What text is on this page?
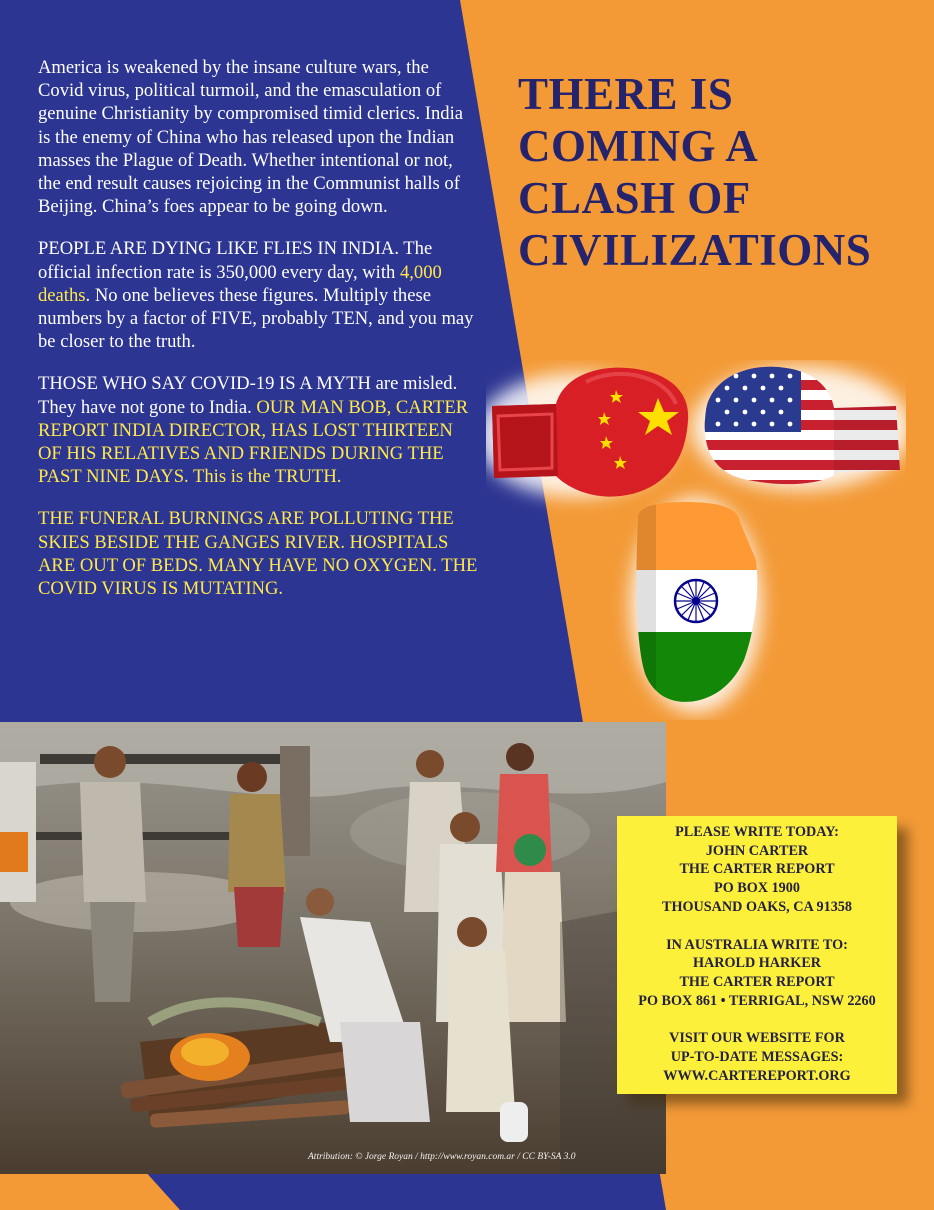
America is weakened by the insane culture wars, the Covid virus, political turmoil, and the emasculation of genuine Christianity by compromised timid clerics. India is the enemy of China who has released upon the Indian masses the Plague of Death. Whether intentional or not, the end result causes rejoicing in the Communist halls of Beijing. China’s foes appear to be going down.

PEOPLE ARE DYING LIKE FLIES IN INDIA. The official infection rate is 350,000 every day, with 4,000 deaths. No one believes these figures. Multiply these numbers by a factor of FIVE, probably TEN, and you may be closer to the truth.

THOSE WHO SAY COVID-19 IS A MYTH are misled. They have not gone to India. OUR MAN BOB, CARTER REPORT INDIA DIRECTOR, HAS LOST THIRTEEN OF HIS RELATIVES AND FRIENDS DURING THE PAST NINE DAYS. This is the TRUTH.

THE FUNERAL BURNINGS ARE POLLUTING THE SKIES BESIDE THE GANGES RIVER. HOSPITALS ARE OUT OF BEDS. MANY HAVE NO OXYGEN. THE COVID VIRUS IS MUTATING.

THERE IS
COMING A
CLASH OF
CIVILIZATIONS
Attribution: © Jorge Royan / http://www.royan.com.ar / CC BY-SA 3.0
PLEASE WRITE TODAY:
JOHN CARTER
THE CARTER REPORT
PO BOX 1900
THOUSAND OAKS, CA 91358
IN AUSTRALIA WRITE TO:
HAROLD HARKER
THE CARTER REPORT
PO BOX 861 • TERRIGAL, NSW 2260
VISIT OUR WEBSITE FOR
UP-TO-DATE MESSAGES:
WWW.CARTEREPORT.ORG
